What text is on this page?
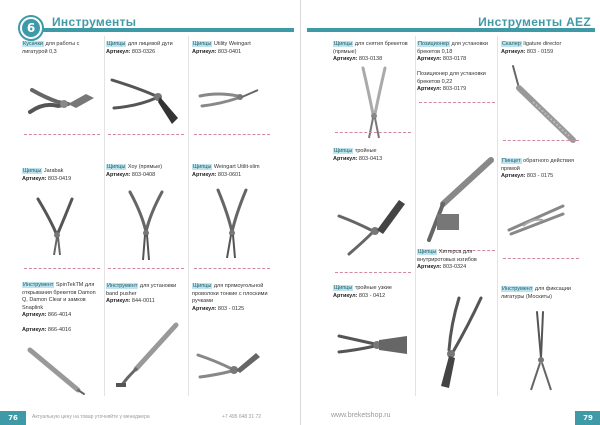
6	Инструменты
Кусачки для работы с лигатурой 0,3
Щипцы Jarabak
Артикул: 803-0419
Инструмент SpinTekTM для открывания брекетов Damon Q, Damon Clear и замков Snaplink
Артикул: 866-4014

Артикул: 866-4016
Щипцы для лицевой дуги
Артикул: 803-0326
Щипцы Хоу (прямые)
Артикул: 803-0408
Инструмент для установки band pusher
Артикул: 844-0011
Щипцы Utility Weingart
Артикул: 803-0401
Щипцы Weingart Utilit-slim
Артикул: 803-0601
Щипцы для прямоугольной проволоки тонкие с плоскими ручками
Артикул: 803 - 0125
76	Актуальную цену на товар уточняйте у менеджера	+7 495 648 31 72
Инструменты AEZ
Щипцы для снятия брекетов (прямые)
Артикул: 803-0138
Щипцы тройные
Артикул: 803-0413
Щипцы тройные узкие
Артикул: 803 - 0412
Позиционер для установки брекетов 0,18
Артикул: 803-0178

Позиционер для установки брекетов 0,22
Артикул: 803-0179
Щипцы Хиггерса для внутриротовых изгибов
Артикул: 803-0324
Скалер ligature director
Артикул: 803 - 0159
Пинцет обратного действия прямой
Артикул: 803 - 0175
Инструмент для фиксации лигатуры (Москиты)
www.breketshop.ru	79
